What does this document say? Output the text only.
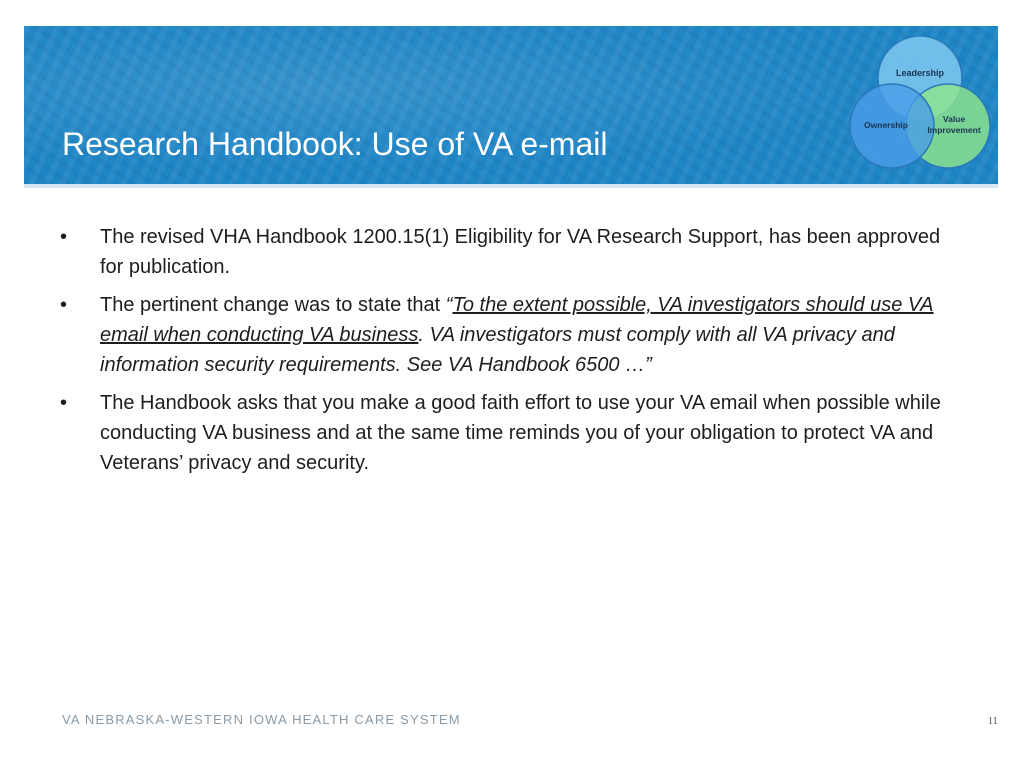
Research Handbook: Use of VA e-mail
Leadership
Ownership
Value
Improvement
• The revised VHA Handbook 1200.15(1) Eligibility for VA Research Support, has been approved for publication.
• The pertinent change was to state that “To the extent possible, VA investigators should use VA email when conducting VA business. VA investigators must comply with all VA privacy and information security requirements. See VA Handbook 6500 …”
• The Handbook asks that you make a good faith effort to use your VA email when possible while conducting VA business and at the same time reminds you of your obligation to protect VA and Veterans’ privacy and security.
VA NEBRASKA-WESTERN IOWA HEALTH CARE SYSTEM	11
